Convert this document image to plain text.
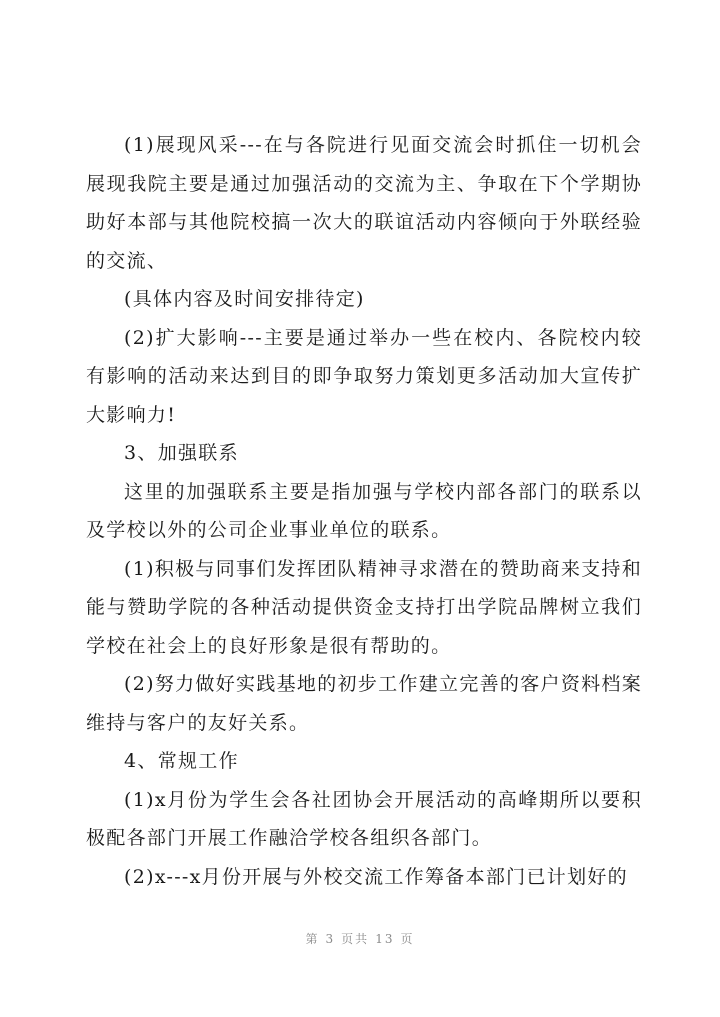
(1)展现风采---在与各院进行见面交流会时抓住一切机会展现我院主要是通过加强活动的交流为主、争取在下个学期协助好本部与其他院校搞一次大的联谊活动内容倾向于外联经验的交流、

(具体内容及时间安排待定)

(2)扩大影响---主要是通过举办一些在校内、各院校内较有影响的活动来达到目的即争取努力策划更多活动加大宣传扩大影响力!

3、加强联系

这里的加强联系主要是指加强与学校内部各部门的联系以及学校以外的公司企业事业单位的联系。

(1)积极与同事们发挥团队精神寻求潜在的赞助商来支持和能与赞助学院的各种活动提供资金支持打出学院品牌树立我们学校在社会上的良好形象是很有帮助的。

(2)努力做好实践基地的初步工作建立完善的客户资料档案维持与客户的友好关系。

4、常规工作

(1)x月份为学生会各社团协会开展活动的高峰期所以要积极配各部门开展工作融洽学校各组织各部门。

(2)x---x月份开展与外校交流工作筹备本部门已计划好的

第 3 页共 13 页
